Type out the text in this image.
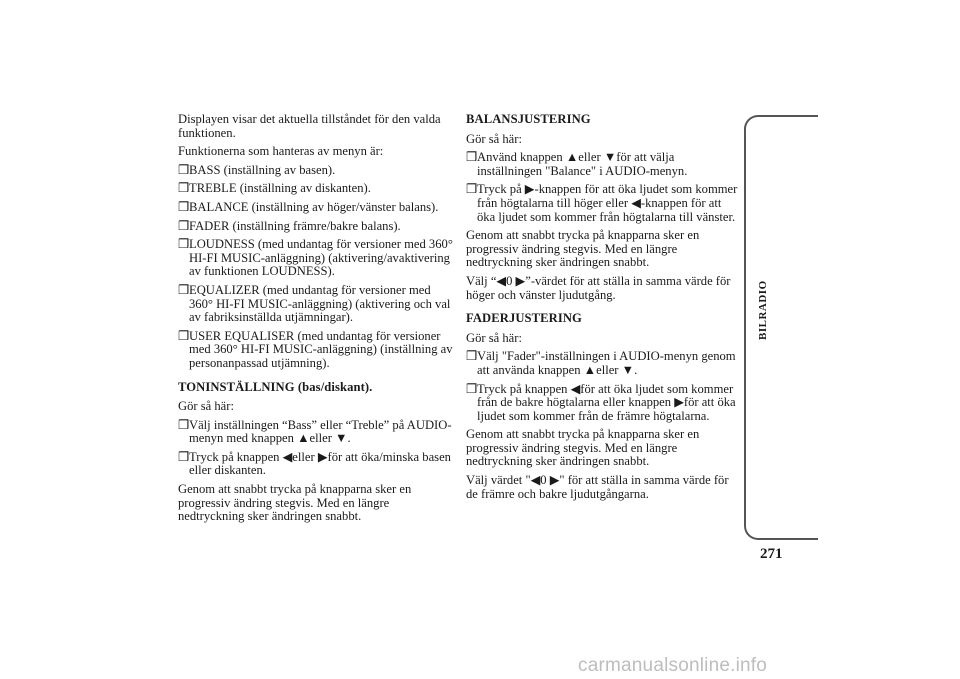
Displayen visar det aktuella tillståndet för den valda funktionen.

Funktionerna som hanteras av menyn är:

❒ BASS (inställning av basen).
❒ TREBLE (inställning av diskanten).
❒ BALANCE (inställning av höger/vänster balans).
❒ FADER (inställning främre/bakre balans).
❒ LOUDNESS (med undantag för versioner med 360° HI-FI MUSIC-anläggning) (aktivering/avaktivering av funktionen LOUDNESS).
❒ EQUALIZER (med undantag för versioner med 360° HI-FI MUSIC-anläggning) (aktivering och val av fabriksinställda utjämningar).
❒ USER EQUALISER (med undantag för versioner med 360° HI-FI MUSIC-anläggning) (inställning av personanpassad utjämning).

TONINSTÄLLNING (bas/diskant).

Gör så här:

❒ Välj inställningen “Bass” eller “Treble” på AUDIO-menyn med knappen ▲eller ▼.
❒ Tryck på knappen ◀eller ▶för att öka/minska basen eller diskanten.

Genom att snabbt trycka på knapparna sker en progressiv ändring stegvis. Med en längre nedtryckning sker ändringen snabbt.

BALANSJUSTERING

Gör så här:

❒ Använd knappen ▲eller ▼för att välja inställningen "Balance" i AUDIO-menyn.
❒ Tryck på ▶-knappen för att öka ljudet som kommer från högtalarna till höger eller ◀-knappen för att öka ljudet som kommer från högtalarna till vänster.

Genom att snabbt trycka på knapparna sker en progressiv ändring stegvis. Med en längre nedtryckning sker ändringen snabbt.

Välj “◀0 ▶”-värdet för att ställa in samma värde för höger och vänster ljudutgång.

FADERJUSTERING

Gör så här:

❒ Välj "Fader"-inställningen i AUDIO-menyn genom att använda knappen ▲eller ▼.
❒ Tryck på knappen ◀för att öka ljudet som kommer från de bakre högtalarna eller knappen ▶för att öka ljudet som kommer från de främre högtalarna.

Genom att snabbt trycka på knapparna sker en progressiv ändring stegvis. Med en längre nedtryckning sker ändringen snabbt.

Välj värdet "◀0 ▶" för att ställa in samma värde för de främre och bakre ljudutgångarna.

BILRADIO
271
carmanualsonline.info
